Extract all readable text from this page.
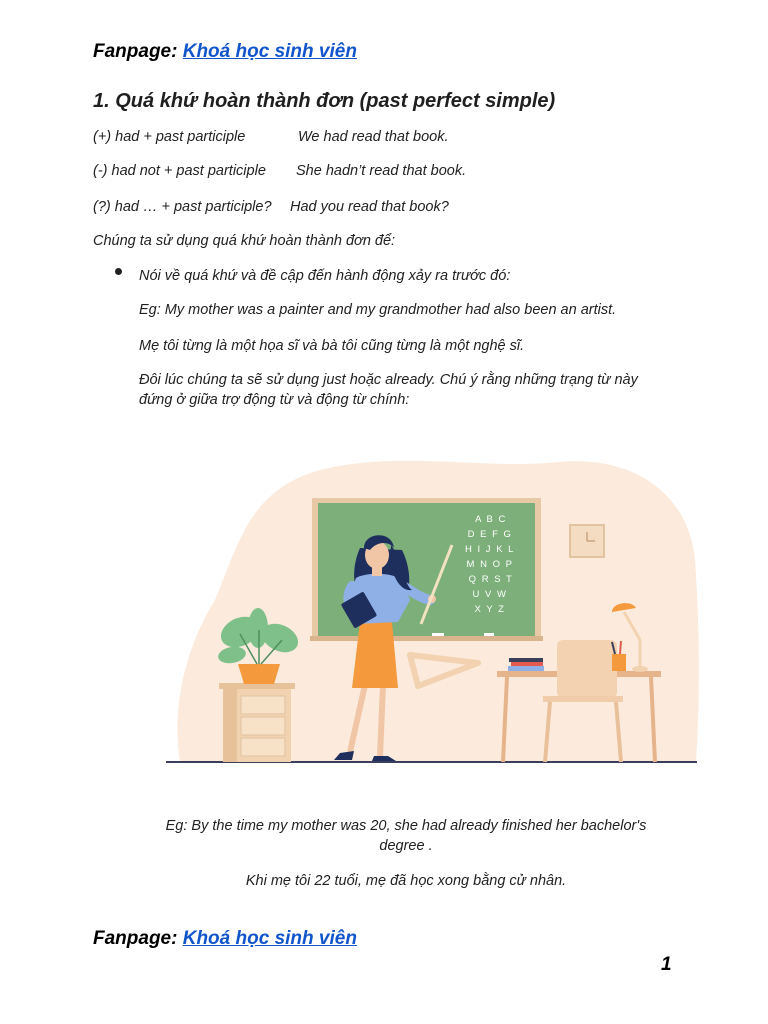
Fanpage: Khoá học sinh viên
1. Quá khứ hoàn thành đơn (past perfect simple)
(+) had + past participle	We had read that book.
(-) had not + past participle She hadn’t read that book.
(?) had … + past participle? Had you read that book?
Chúng ta sử dụng quá khứ hoàn thành đơn để:
Nói về quá khứ và đề cập đến hành động xảy ra trước đó:
Eg: My mother was a painter and my grandmother had also been an artist.
Mẹ tôi từng là một họa sĩ và bà tôi cũng từng là một nghệ sĩ.
Đôi lúc chúng ta sẽ sử dụng just hoặc already. Chú ý rằng những trạng từ này đứng ở giữa trợ động từ và động từ chính:
A B C
D E F G
H I J K L
M N O P
Q R S T
U V W
X Y Z
Eg: By the time my mother was 20, she had already finished her bachelor's degree .
Khi mẹ tôi 22 tuổi, mẹ đã học xong bằng cử nhân.
Fanpage: Khoá học sinh viên
1
